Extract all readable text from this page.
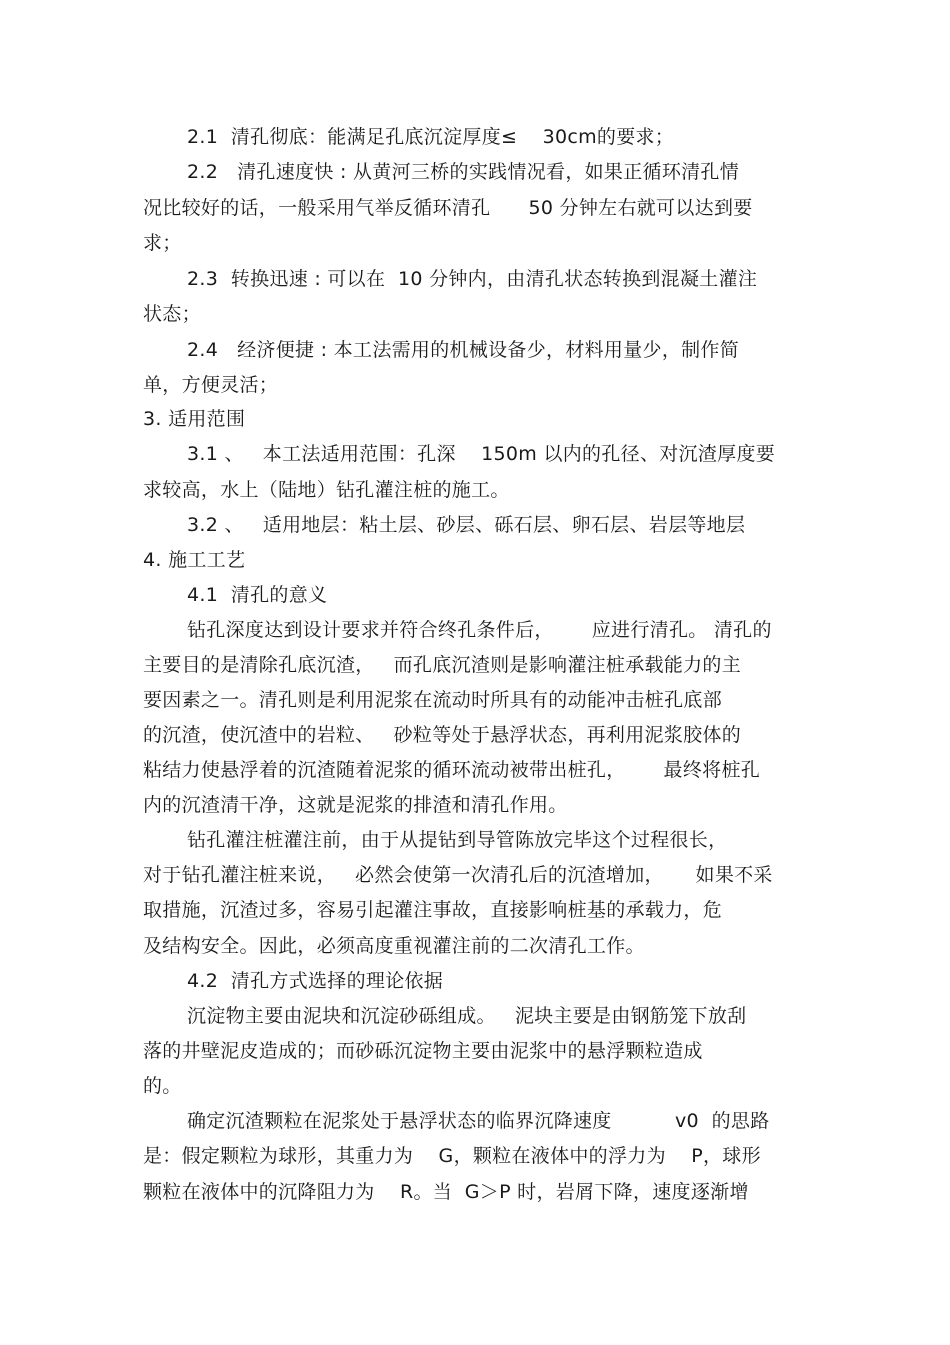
2.1  清孔彻底：能满足孔底沉淀厚度≤    30cm的要求；
2.2   清孔速度快 : 从黄河三桥的实践情况看，如果正循环清孔情
况比较好的话，一般采用气举反循环清孔      50 分钟左右就可以达到要
求；
2.3  转换迅速 : 可以在  10 分钟内，由清孔状态转换到混凝土灌注
状态；
2.4   经济便捷 : 本工法需用的机械设备少，材料用量少，制作简
单，方便灵活；
3. 适用范围
3.1 、   本工法适用范围：孔深    150m 以内的孔径、对沉渣厚度要
求较高，水上（陆地）钻孔灌注桩的施工。
3.2 、   适用地层：粘土层、砂层、砾石层、卵石层、岩层等地层
4. 施工工艺
4.1  清孔的意义
钻孔深度达到设计要求并符合终孔条件后，      应进行清孔。 清孔的
主要目的是清除孔底沉渣，   而孔底沉渣则是影响灌注桩承载能力的主
要因素之一。清孔则是利用泥浆在流动时所具有的动能冲击桩孔底部
的沉渣，使沉渣中的岩粒、   砂粒等处于悬浮状态，再利用泥浆胶体的
粘结力使悬浮着的沉渣随着泥浆的循环流动被带出桩孔，      最终将桩孔
内的沉渣清干净，这就是泥浆的排渣和清孔作用。
钻孔灌注桩灌注前，由于从提钻到导管陈放完毕这个过程很长，
对于钻孔灌注桩来说，   必然会使第一次清孔后的沉渣增加，     如果不采
取措施，沉渣过多，容易引起灌注事故，直接影响桩基的承载力，危
及结构安全。因此，必须高度重视灌注前的二次清孔工作。
4.2  清孔方式选择的理论依据
沉淀物主要由泥块和沉淀砂砾组成。   泥块主要是由钢筋笼下放刮
落的井壁泥皮造成的；而砂砾沉淀物主要由泥浆中的悬浮颗粒造成
的。
确定沉渣颗粒在泥浆处于悬浮状态的临界沉降速度          v0  的思路
是：假定颗粒为球形，其重力为    G，颗粒在液体中的浮力为    P，球形
颗粒在液体中的沉降阻力为    R。当  G＞P 时，岩屑下降，速度逐渐增
